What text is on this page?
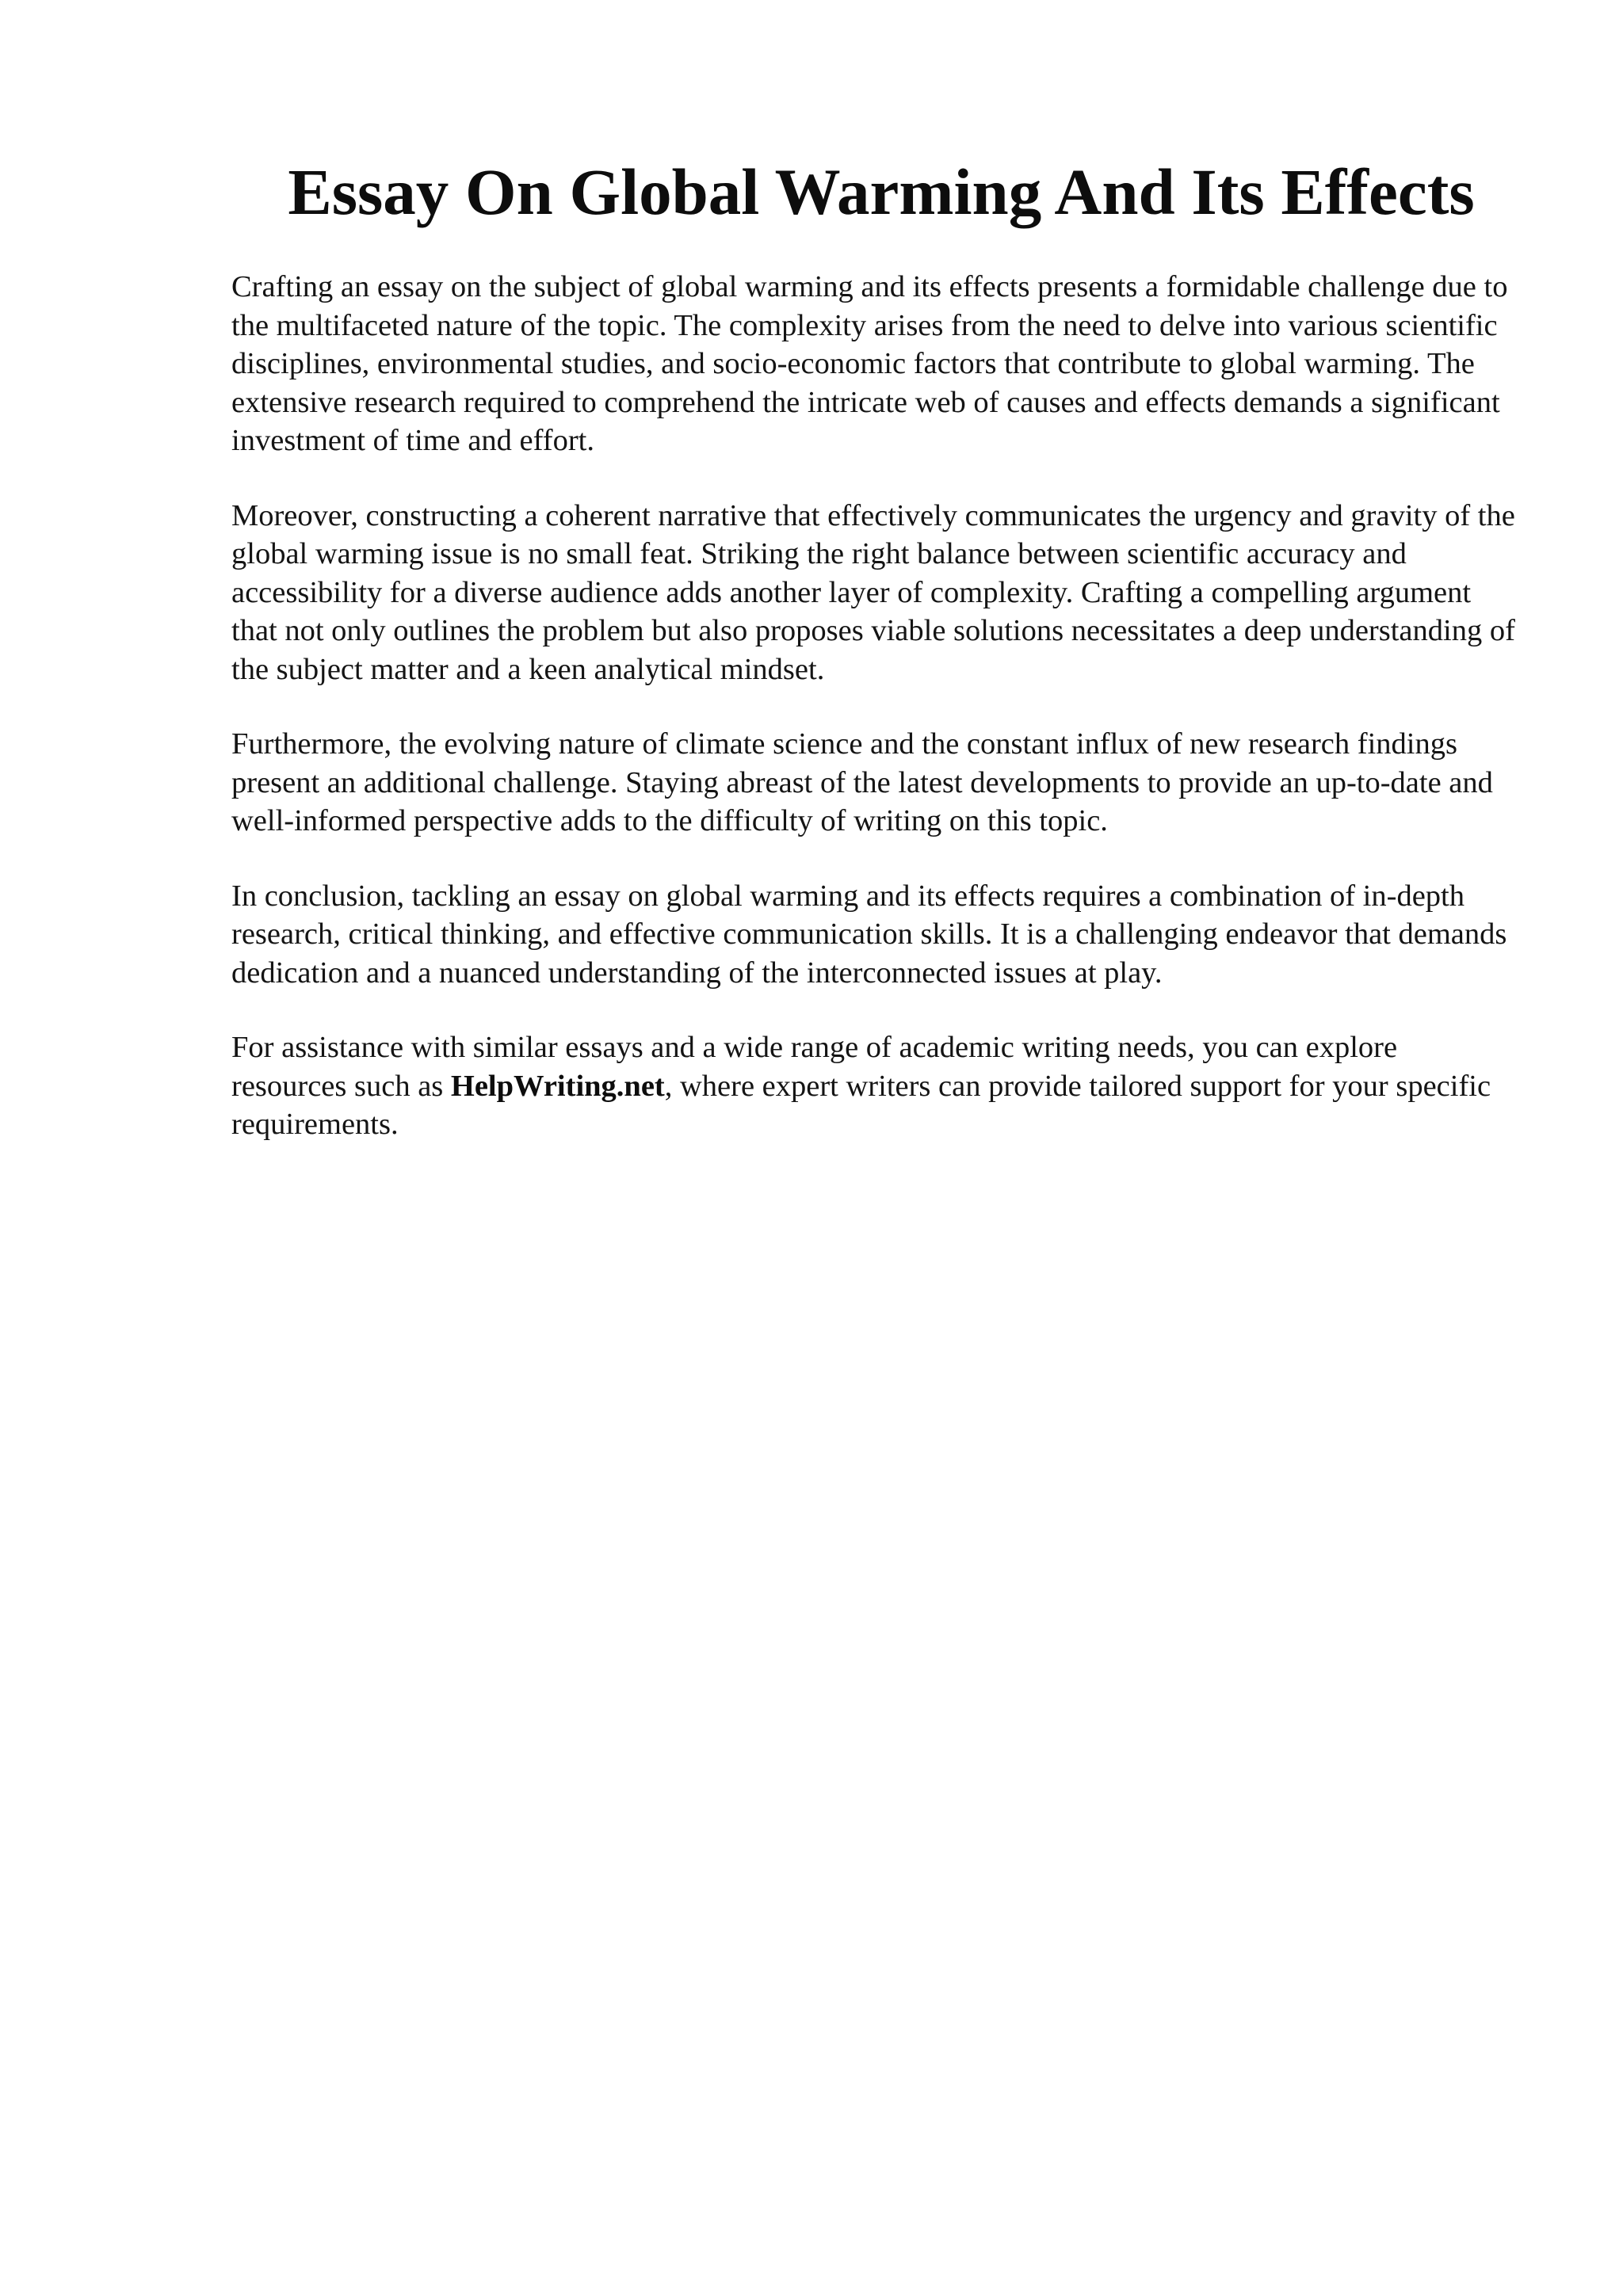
Essay On Global Warming And Its Effects

Crafting an essay on the subject of global warming and its effects presents a formidable challenge due to the multifaceted nature of the topic. The complexity arises from the need to delve into various scientific disciplines, environmental studies, and socio-economic factors that contribute to global warming. The extensive research required to comprehend the intricate web of causes and effects demands a significant investment of time and effort.

Moreover, constructing a coherent narrative that effectively communicates the urgency and gravity of the global warming issue is no small feat. Striking the right balance between scientific accuracy and accessibility for a diverse audience adds another layer of complexity. Crafting a compelling argument that not only outlines the problem but also proposes viable solutions necessitates a deep understanding of the subject matter and a keen analytical mindset.

Furthermore, the evolving nature of climate science and the constant influx of new research findings present an additional challenge. Staying abreast of the latest developments to provide an up-to-date and well-informed perspective adds to the difficulty of writing on this topic.

In conclusion, tackling an essay on global warming and its effects requires a combination of in-depth research, critical thinking, and effective communication skills. It is a challenging endeavor that demands dedication and a nuanced understanding of the interconnected issues at play.

For assistance with similar essays and a wide range of academic writing needs, you can explore resources such as HelpWriting.net, where expert writers can provide tailored support for your specific requirements.
